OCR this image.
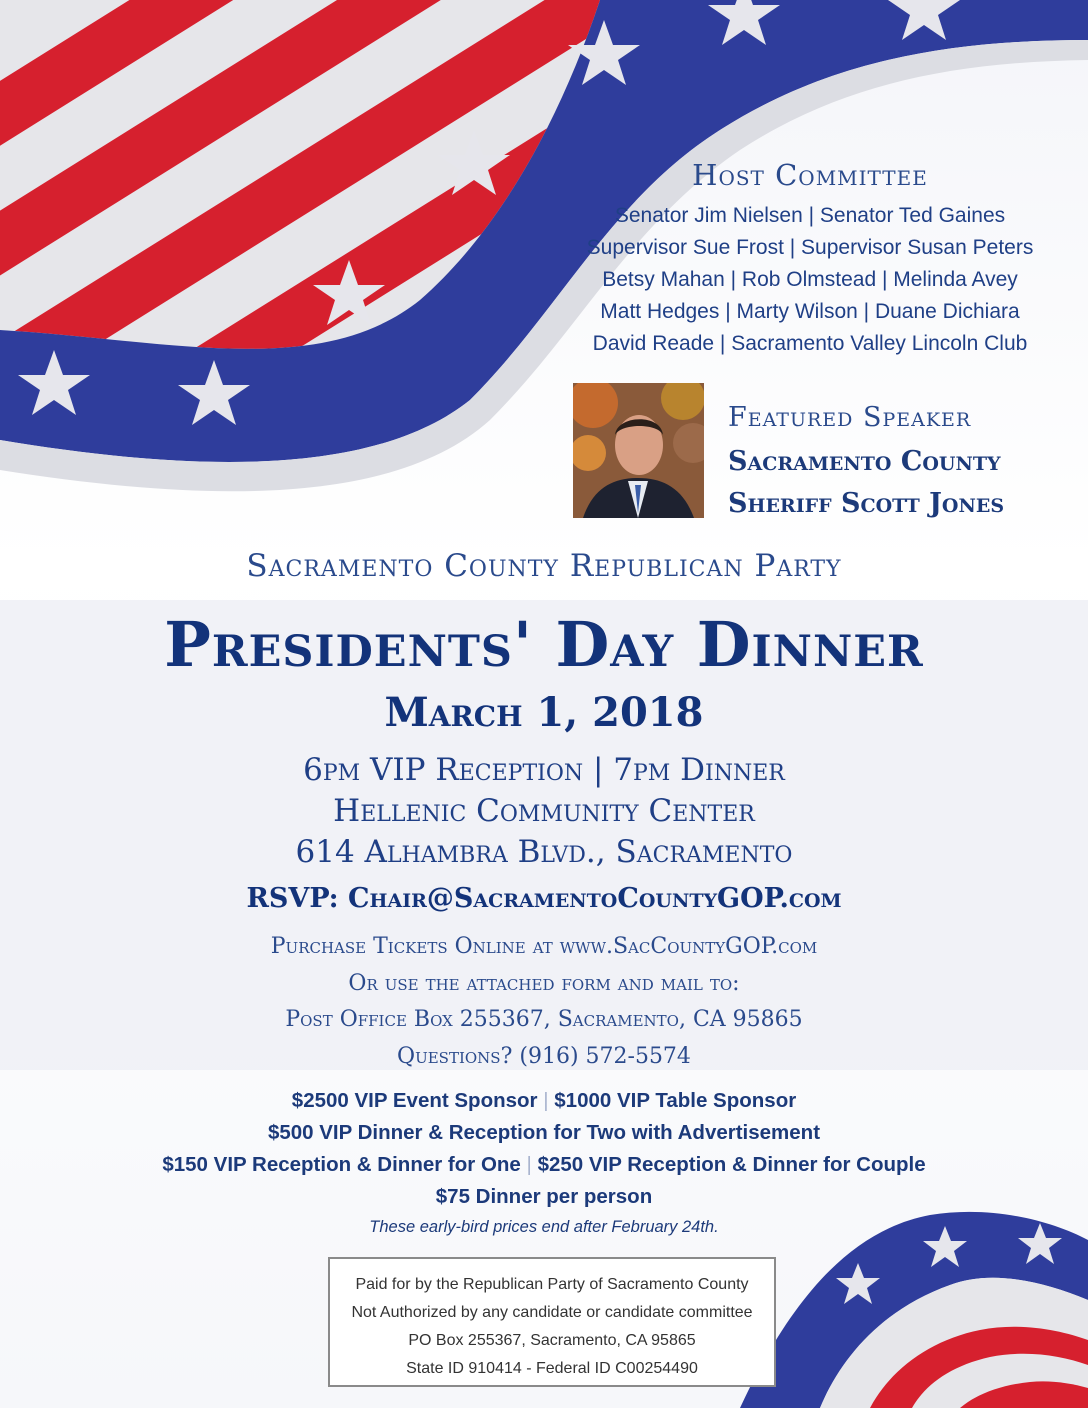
Host Committee
Senator Jim Nielsen | Senator Ted Gaines
Supervisor Sue Frost | Supervisor Susan Peters
Betsy Mahan | Rob Olmstead | Melinda Avey
Matt Hedges | Marty Wilson | Duane Dichiara
David Reade | Sacramento Valley Lincoln Club
Featured Speaker
Sacramento County
Sheriff Scott Jones
Sacramento County Republican Party
Presidents' Day Dinner
March 1, 2018
6pm VIP Reception | 7pm Dinner
Hellenic Community Center
614 Alhambra Blvd., Sacramento
RSVP: Chair@SacramentoCountyGOP.com
Purchase Tickets Online at www.SacCountyGOP.com
Or use the attached form and mail to:
Post Office Box 255367, Sacramento, CA 95865
Questions? (916) 572-5574
$2500 VIP Event Sponsor | $1000 VIP Table Sponsor
$500 VIP Dinner & Reception for Two with Advertisement
$150 VIP Reception & Dinner for One | $250 VIP Reception & Dinner for Couple
$75 Dinner per person
These early-bird prices end after February 24th.
Paid for by the Republican Party of Sacramento County
Not Authorized by any candidate or candidate committee
PO Box 255367, Sacramento, CA 95865
State ID 910414 - Federal ID C00254490
